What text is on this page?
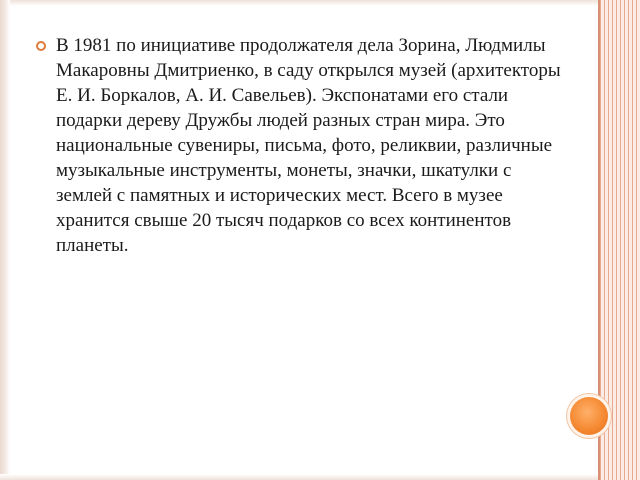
В 1981 по инициативе продолжателя дела Зорина, Людмилы Макаровны Дмитриенко, в саду открылся музей (архитекторы Е. И. Боркалов, А. И. Савельев). Экспонатами его стали подарки дереву Дружбы людей разных стран мира. Это национальные сувениры, письма, фото, реликвии, различные музыкальные инструменты, монеты, значки, шкатулки с землей с памятных и исторических мест. Всего в музее хранится свыше 20 тысяч подарков со всех континентов планеты.
